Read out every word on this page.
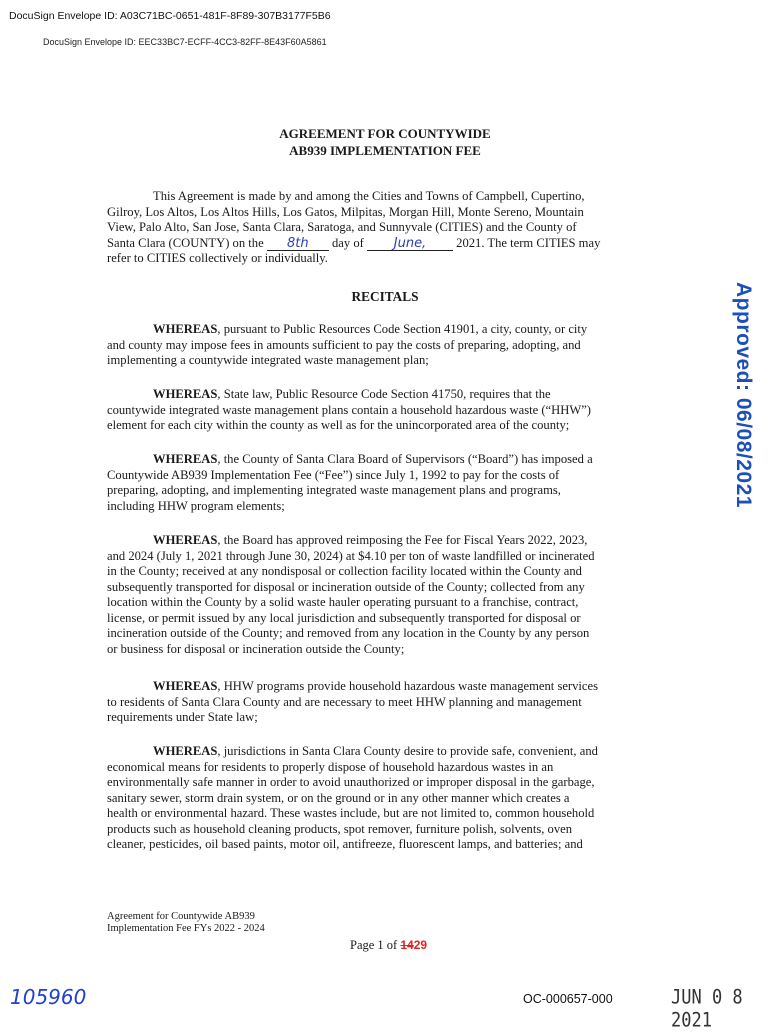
DocuSign Envelope ID: A03C71BC-0651-481F-8F89-307B3177F5B6
DocuSign Envelope ID: EEC33BC7-ECFF-4CC3-82FF-8E43F60A5861
AGREEMENT FOR COUNTYWIDE
AB939 IMPLEMENTATION FEE
This Agreement is made by and among the Cities and Towns of Campbell, Cupertino,
Gilroy, Los Altos, Los Altos Hills, Los Gatos, Milpitas, Morgan Hill, Monte Sereno, Mountain
View, Palo Alto, San Jose, Santa Clara, Saratoga, and Sunnyvale (CITIES) and the County of
Santa Clara (COUNTY) on the 8th day of June, 2021. The term CITIES may
refer to CITIES collectively or individually.
RECITALS
WHEREAS, pursuant to Public Resources Code Section 41901, a city, county, or city
and county may impose fees in amounts sufficient to pay the costs of preparing, adopting, and
implementing a countywide integrated waste management plan;
WHEREAS, State law, Public Resource Code Section 41750, requires that the
countywide integrated waste management plans contain a household hazardous waste (“HHW”)
element for each city within the county as well as for the unincorporated area of the county;
WHEREAS, the County of Santa Clara Board of Supervisors (“Board”) has imposed a
Countywide AB939 Implementation Fee (“Fee”) since July 1, 1992 to pay for the costs of
preparing, adopting, and implementing integrated waste management plans and programs,
including HHW program elements;
WHEREAS, the Board has approved reimposing the Fee for Fiscal Years 2022, 2023,
and 2024 (July 1, 2021 through June 30, 2024) at $4.10 per ton of waste landfilled or incinerated
in the County; received at any nondisposal or collection facility located within the County and
subsequently transported for disposal or incineration outside of the County; collected from any
location within the County by a solid waste hauler operating pursuant to a franchise, contract,
license, or permit issued by any local jurisdiction and subsequently transported for disposal or
incineration outside of the County; and removed from any location in the County by any person
or business for disposal or incineration outside the County;
WHEREAS, HHW programs provide household hazardous waste management services
to residents of Santa Clara County and are necessary to meet HHW planning and management
requirements under State law;
WHEREAS, jurisdictions in Santa Clara County desire to provide safe, convenient, and
economical means for residents to properly dispose of household hazardous wastes in an
environmentally safe manner in order to avoid unauthorized or improper disposal in the garbage,
sanitary sewer, storm drain system, or on the ground or in any other manner which creates a
health or environmental hazard. These wastes include, but are not limited to, common household
products such as household cleaning products, spot remover, furniture polish, solvents, oven
cleaner, pesticides, oil based paints, motor oil, antifreeze, fluorescent lamps, and batteries; and
Approved: 06/08/2021
Agreement for Countywide AB939
Implementation Fee FYs 2022 - 2024
Page 1 of 1429
105960	OC-000657-000	JUN 0 8 2021
